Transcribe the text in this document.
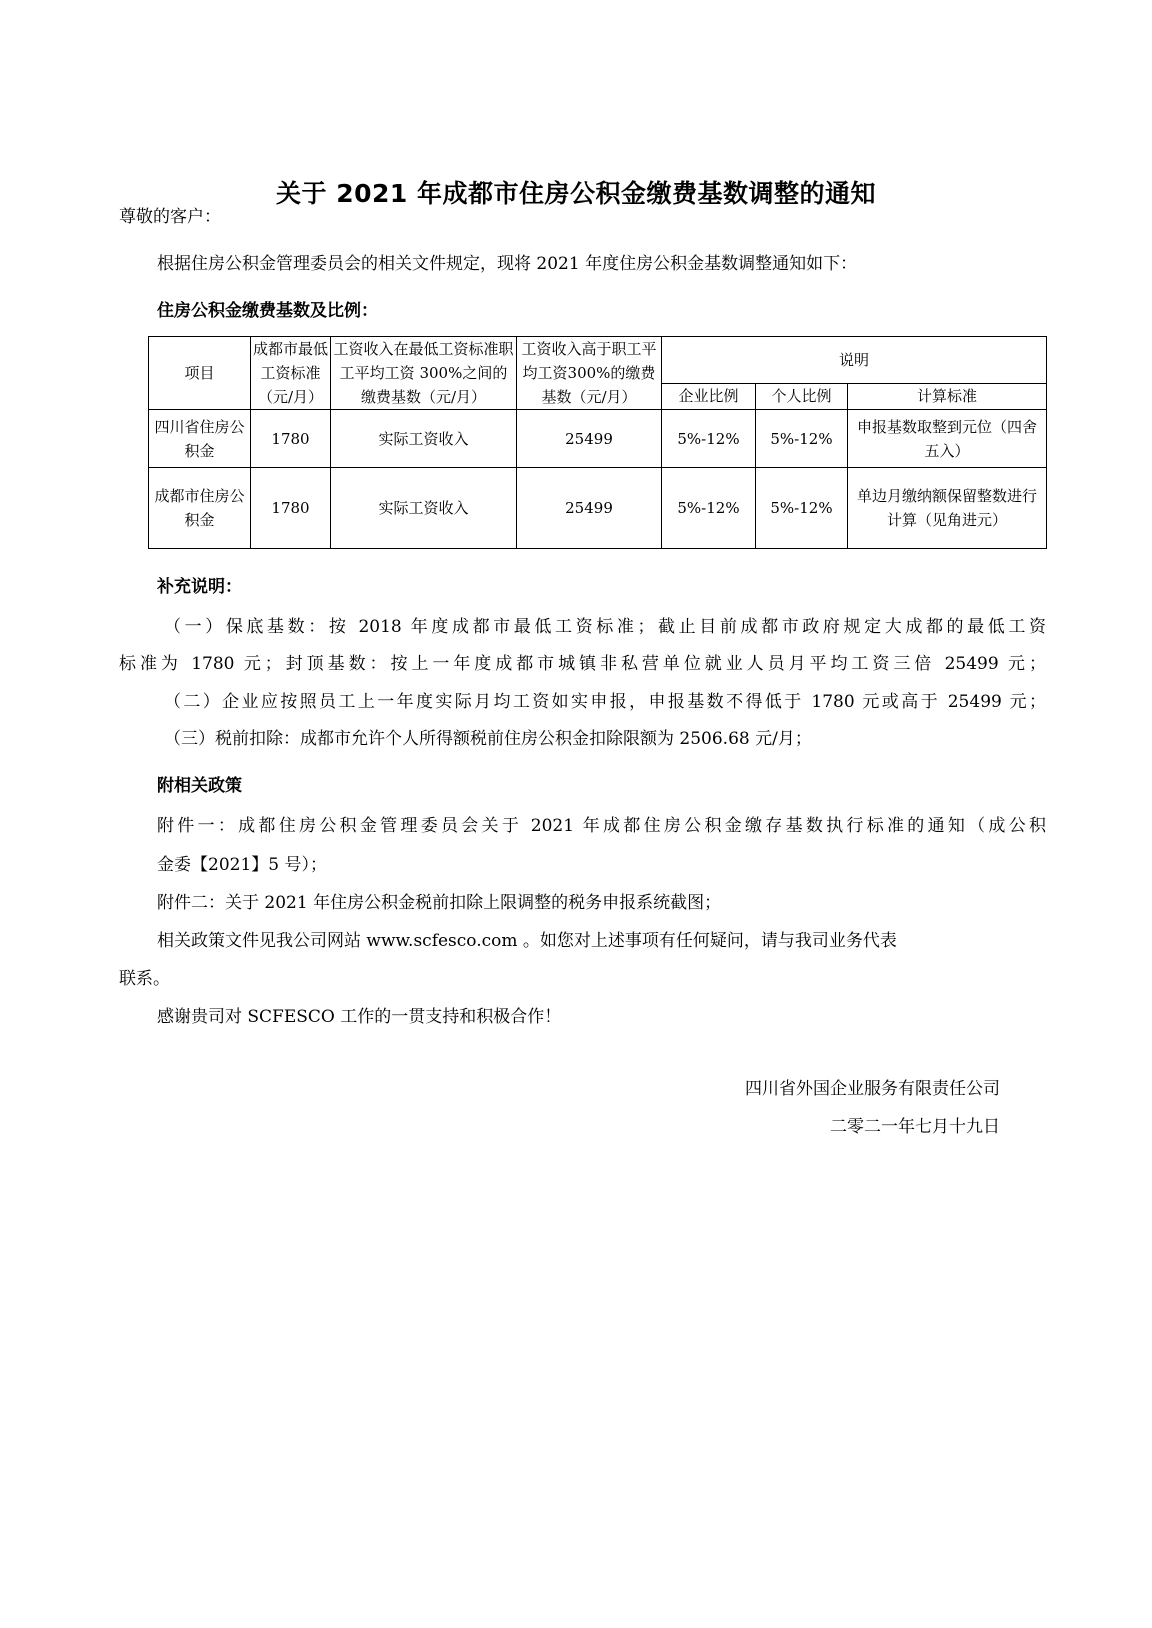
关于 2021 年成都市住房公积金缴费基数调整的通知
尊敬的客户：
根据住房公积金管理委员会的相关文件规定，现将 2021 年度住房公积金基数调整通知如下：
住房公积金缴费基数及比例：
项目	成都市最低工资标准（元/月）	工资收入在最低工资标准职工平均工资 300%之间的缴费基数（元/月）	工资收入高于职工平均工资300%的缴费基数（元/月）	说明		
				企业比例	个人比例	计算标准
四川省住房公积金	1780	实际工资收入	25499	5%-12%	5%-12%	申报基数取整到元位（四舍五入）
成都市住房公积金	1780	实际工资收入	25499	5%-12%	5%-12%	单边月缴纳额保留整数进行计算（见角进元）
补充说明：
（一）保底基数：按 2018 年度成都市最低工资标准；截止目前成都市政府规定大成都的最低工资
标准为 1780 元；封顶基数：按上一年度成都市城镇非私营单位就业人员月平均工资三倍 25499 元；
（二）企业应按照员工上一年度实际月均工资如实申报，申报基数不得低于 1780 元或高于 25499 元；
（三）税前扣除：成都市允许个人所得额税前住房公积金扣除限额为 2506.68 元/月；
附相关政策
附件一：成都住房公积金管理委员会关于 2021 年成都住房公积金缴存基数执行标准的通知（成公积
金委【2021】5 号）；
附件二：关于 2021 年住房公积金税前扣除上限调整的税务申报系统截图；
相关政策文件见我公司网站 www.scfesco.com 。如您对上述事项有任何疑问，请与我司业务代表
联系。
感谢贵司对 SCFESCO 工作的一贯支持和积极合作！
四川省外国企业服务有限责任公司
二零二一年七月十九日
